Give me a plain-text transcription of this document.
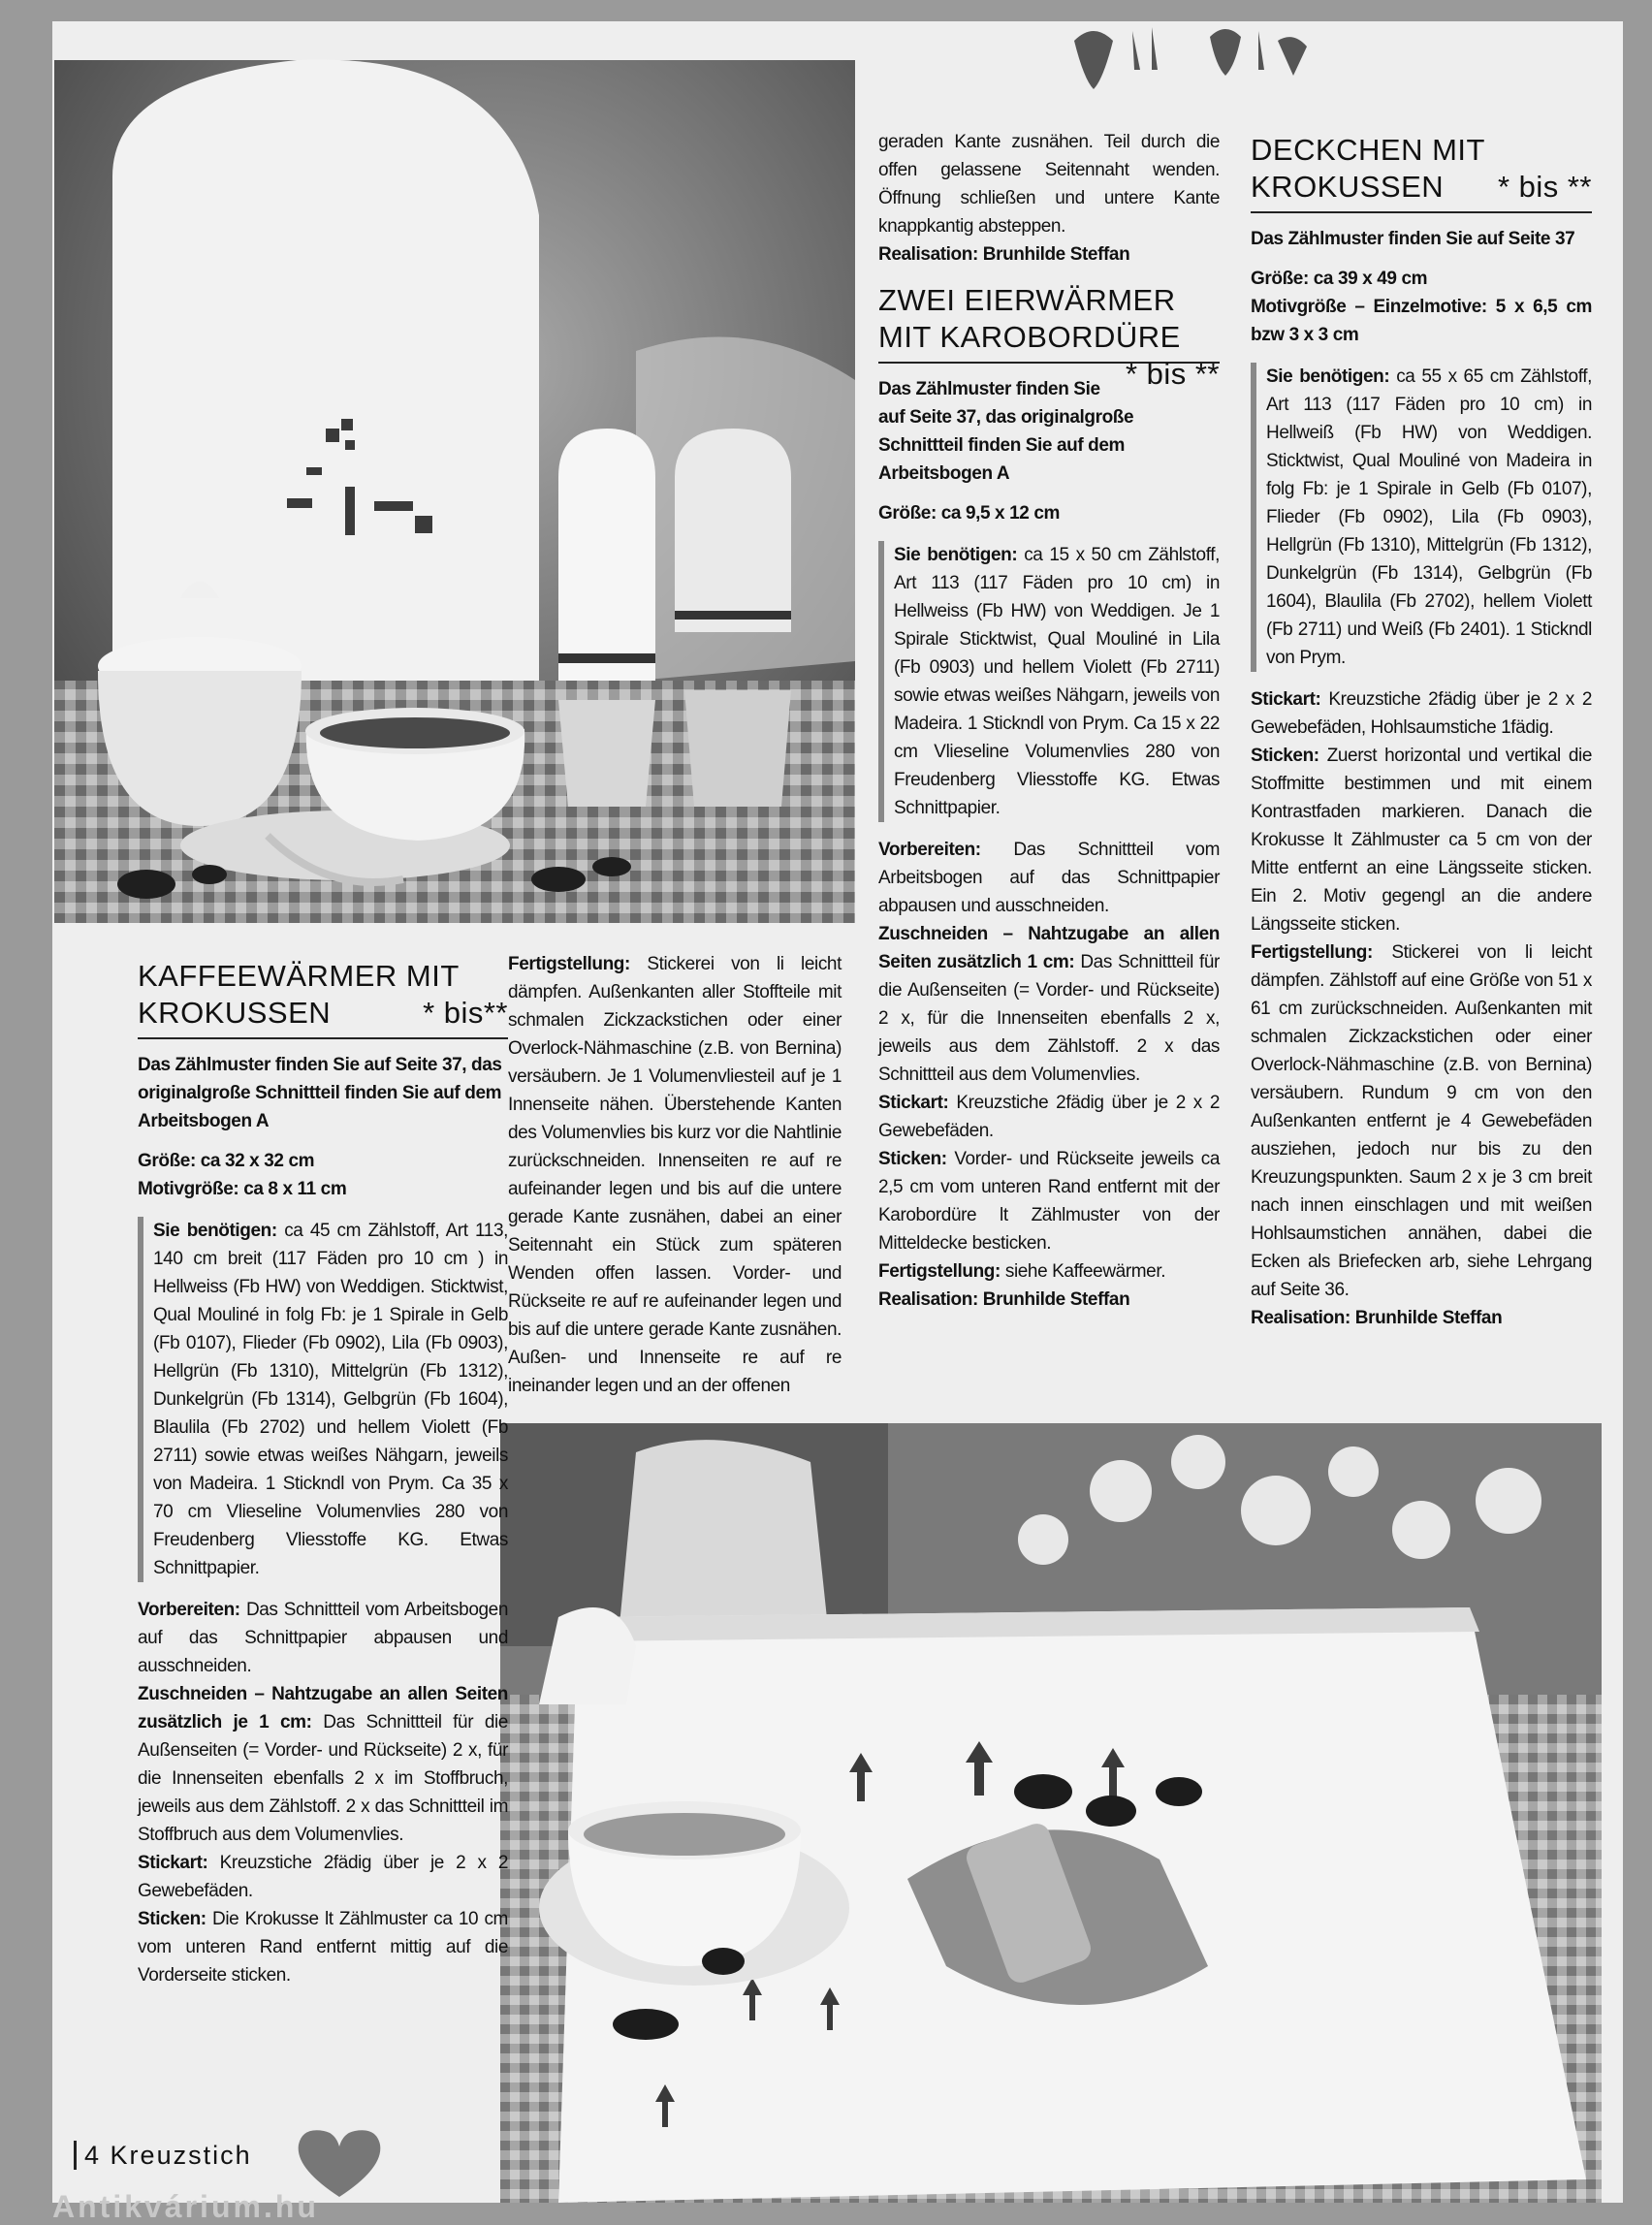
KAFFEEWÄRMER MIT KROKUSSEN	* bis**

Das Zählmuster finden Sie auf Seite 37, das originalgroße Schnittteil finden Sie auf dem Arbeitsbogen A

Größe: ca 32 x 32 cm

Motivgröße: ca 8 x 11 cm

Sie benötigen: ca 45 cm Zählstoff, Art 113, 140 cm breit (117 Fäden pro 10 cm ) in Hellweiss (Fb HW) von Weddigen. Sticktwist, Qual Mouliné in folg Fb: je 1 Spirale in Gelb (Fb 0107), Flieder (Fb 0902), Lila (Fb 0903), Hellgrün (Fb 1310), Mittelgrün (Fb 1312), Dunkelgrün (Fb 1314), Gelbgrün (Fb 1604), Blaulila (Fb 2702) und hellem Violett (Fb 2711) sowie etwas weißes Nähgarn, jeweils von Madeira. 1 Stickndl von Prym. Ca 35 x 70 cm Vlieseline Volumenvlies 280 von Freudenberg Vliesstoffe KG. Etwas Schnittpapier.

Vorbereiten: Das Schnittteil vom Arbeitsbogen auf das Schnittpapier abpausen und ausschneiden.

Zuschneiden – Nahtzugabe an allen Seiten zusätzlich je 1 cm: Das Schnittteil für die Außenseiten (= Vorder- und Rückseite) 2 x, für die Innenseiten ebenfalls 2 x im Stoffbruch, jeweils aus dem Zählstoff. 2 x das Schnittteil im Stoffbruch aus dem Volumenvlies.

Stickart: Kreuzstiche 2fädig über je 2 x 2 Gewebefäden.

Sticken: Die Krokusse lt Zählmuster ca 10 cm vom unteren Rand entfernt mittig auf die Vorderseite sticken.

Fertigstellung: Stickerei von li leicht dämpfen. Außenkanten aller Stoffteile mit schmalen Zickzackstichen oder einer Overlock-Nähmaschine (z.B. von Bernina) versäubern. Je 1 Volumenvliesteil auf je 1 Innenseite nähen. Überstehende Kanten des Volumenvlies bis kurz vor die Nahtlinie zurückschneiden. Innenseiten re auf re aufeinander legen und bis auf die untere gerade Kante zusnähen, dabei an einer Seitennaht ein Stück zum späteren Wenden offen lassen. Vorder- und Rückseite re auf re aufeinander legen und bis auf die untere gerade Kante zusnähen. Außen- und Innenseite re auf re ineinander legen und an der offenen

geraden Kante zusnähen. Teil durch die offen gelassene Seitennaht wenden. Öffnung schließen und untere Kante knappkantig absteppen.

Realisation: Brunhilde Steffan

ZWEI EIERWÄRMER MIT KAROBORDÜRE
* bis **

Das Zählmuster finden Sie auf Seite 37, das originalgroße Schnittteil finden Sie auf dem Arbeitsbogen A

Größe: ca 9,5 x 12 cm

Sie benötigen: ca 15 x 50 cm Zählstoff, Art 113 (117 Fäden pro 10 cm) in Hellweiss (Fb HW) von Weddigen. Je 1 Spirale Sticktwist, Qual Mouliné in Lila (Fb 0903) und hellem Violett (Fb 2711) sowie etwas weißes Nähgarn, jeweils von Madeira. 1 Stickndl von Prym. Ca 15 x 22 cm Vlieseline Volumenvlies 280 von Freudenberg Vliesstoffe KG. Etwas Schnittpapier.

Vorbereiten: Das Schnittteil vom Arbeitsbogen auf das Schnittpapier abpausen und ausschneiden.

Zuschneiden – Nahtzugabe an allen Seiten zusätzlich 1 cm: Das Schnittteil für die Außenseiten (= Vorder- und Rückseite) 2 x, für die Innenseiten ebenfalls 2 x, jeweils aus dem Zählstoff. 2 x das Schnittteil aus dem Volumenvlies.

Stickart: Kreuzstiche 2fädig über je 2 x 2 Gewebefäden.

Sticken: Vorder- und Rückseite jeweils ca 2,5 cm vom unteren Rand entfernt mit der Karobordüre lt Zählmuster von der Mitteldecke besticken.

Fertigstellung: siehe Kaffeewärmer.

Realisation: Brunhilde Steffan

DECKCHEN MIT KROKUSSEN * bis **

Das Zählmuster finden Sie auf Seite 37

Größe: ca 39 x 49 cm

Motivgröße – Einzelmotive: 5 x 6,5 cm bzw 3 x 3 cm

Sie benötigen: ca 55 x 65 cm Zählstoff, Art 113 (117 Fäden pro 10 cm) in Hellweiß (Fb HW) von Weddigen. Sticktwist, Qual Mouliné von Madeira in folg Fb: je 1 Spirale in Gelb (Fb 0107), Flieder (Fb 0902), Lila (Fb 0903), Hellgrün (Fb 1310), Mittelgrün (Fb 1312), Dunkelgrün (Fb 1314), Gelbgrün (Fb 1604), Blaulila (Fb 2702), hellem Violett (Fb 2711) und Weiß (Fb 2401). 1 Stickndl von Prym.

Stickart: Kreuzstiche 2fädig über je 2 x 2 Gewebefäden, Hohlsaumstiche 1fädig.

Sticken: Zuerst horizontal und vertikal die Stoffmitte bestimmen und mit einem Kontrastfaden markieren. Danach die Krokusse lt Zählmuster ca 5 cm von der Mitte entfernt an eine Längsseite sticken. Ein 2. Motiv gegengl an die andere Längsseite sticken.

Fertigstellung: Stickerei von li leicht dämpfen. Zählstoff auf eine Größe von 51 x 61 cm zurückschneiden. Außenkanten mit schmalen Zickzackstichen oder einer Overlock-Nähmaschine (z.B. von Bernina) versäubern. Rundum 9 cm von den Außenkanten entfernt je 4 Gewebefäden ausziehen, jedoch nur bis zu den Kreuzungspunkten. Saum 2 x je 3 cm breit nach innen einschlagen und mit weißen Hohlsaumstichen annähen, dabei die Ecken als Briefecken arb, siehe Lehrgang auf Seite 36.

Realisation: Brunhilde Steffan

4 Kreuzstich
Antikvárium.hu
